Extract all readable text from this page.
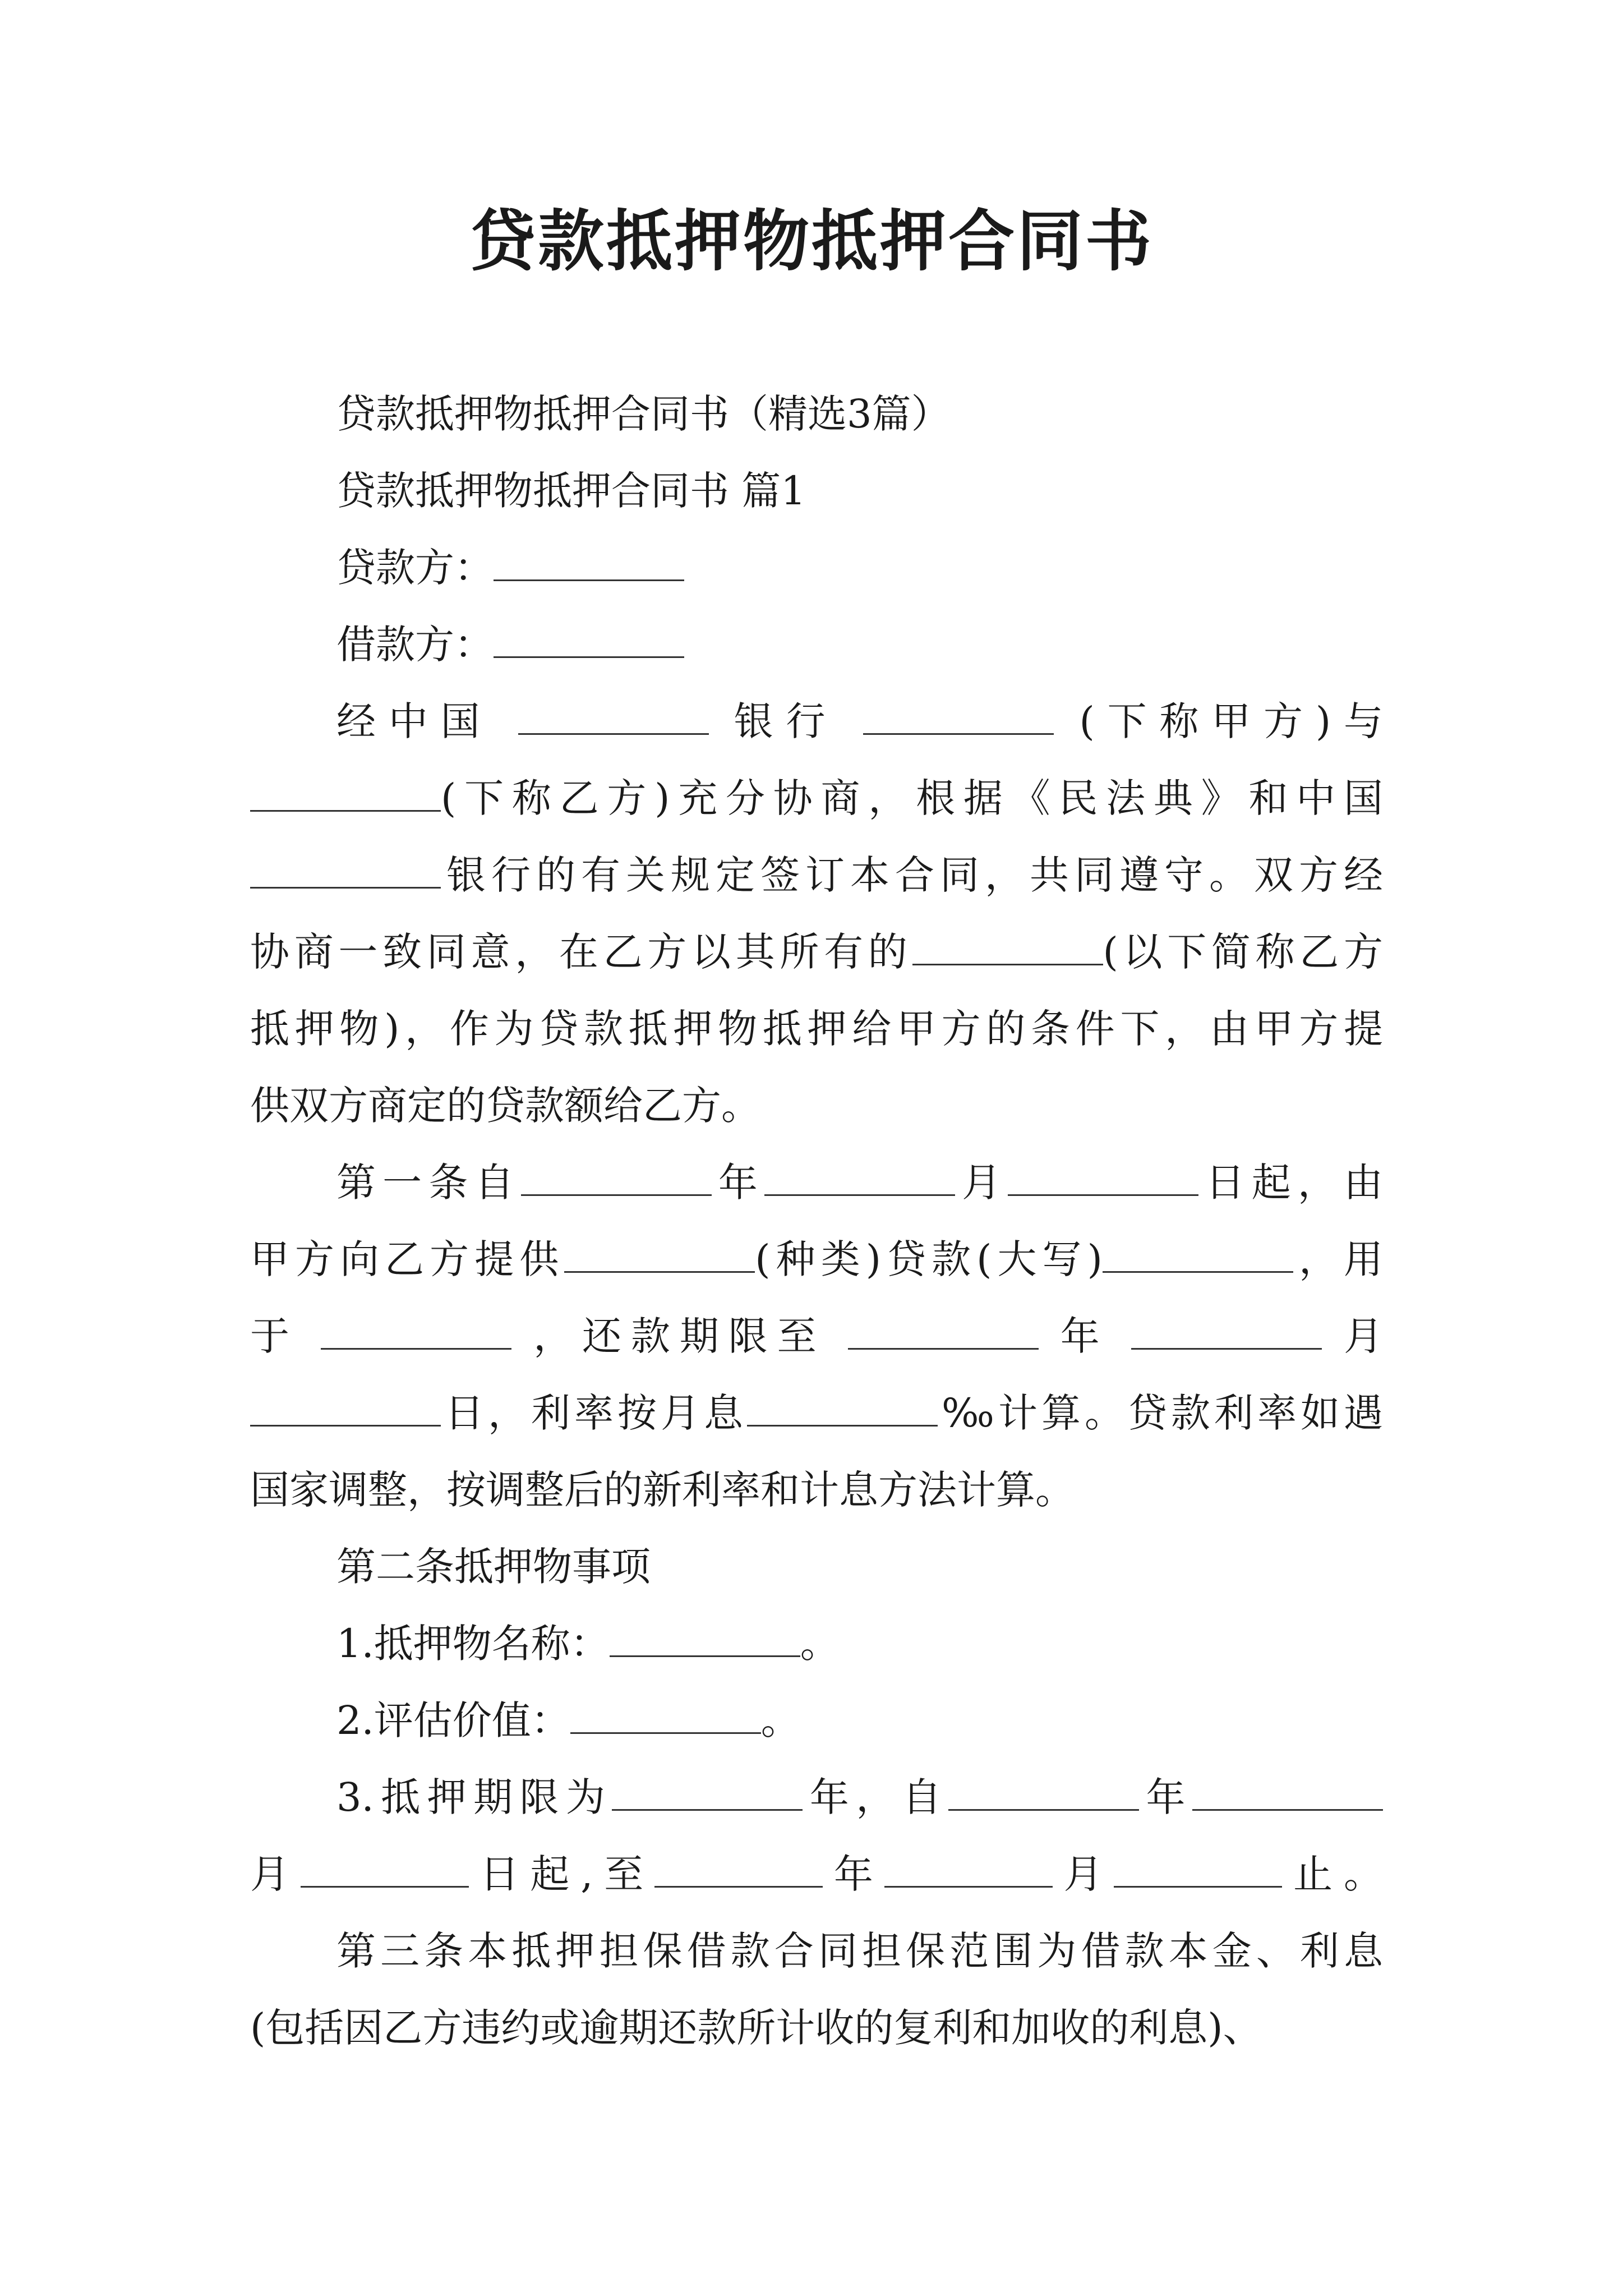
贷款抵押物抵押合同书

贷款抵押物抵押合同书（精选3篇）

贷款抵押物抵押合同书 篇1

贷款方：

借款方：

经中国	银行	(下称甲方)与

(下称乙方)充分协商，根据《民法典》和中国

银行的有关规定签订本合同，共同遵守。双方经

协商一致同意，在乙方以其所有的	(以下简称乙方

抵押物)，作为贷款抵押物抵押给甲方的条件下，由甲方提

供双方商定的贷款额给乙方。

第一条自	年	月	日起，由

甲方向乙方提供	(种类)贷款(大写)	，用

于	，还款期限至	年	月

日，利率按月息	‰计算。贷款利率如遇

国家调整，按调整后的新利率和计息方法计算。

第二条抵押物事项

1.抵押物名称：	。

2.评估价值：	。

3.抵押期限为	年，自	年

月	日起,至	年	月	止。

第三条本抵押担保借款合同担保范围为借款本金、利息

(包括因乙方违约或逾期还款所计收的复利和加收的利息)、
